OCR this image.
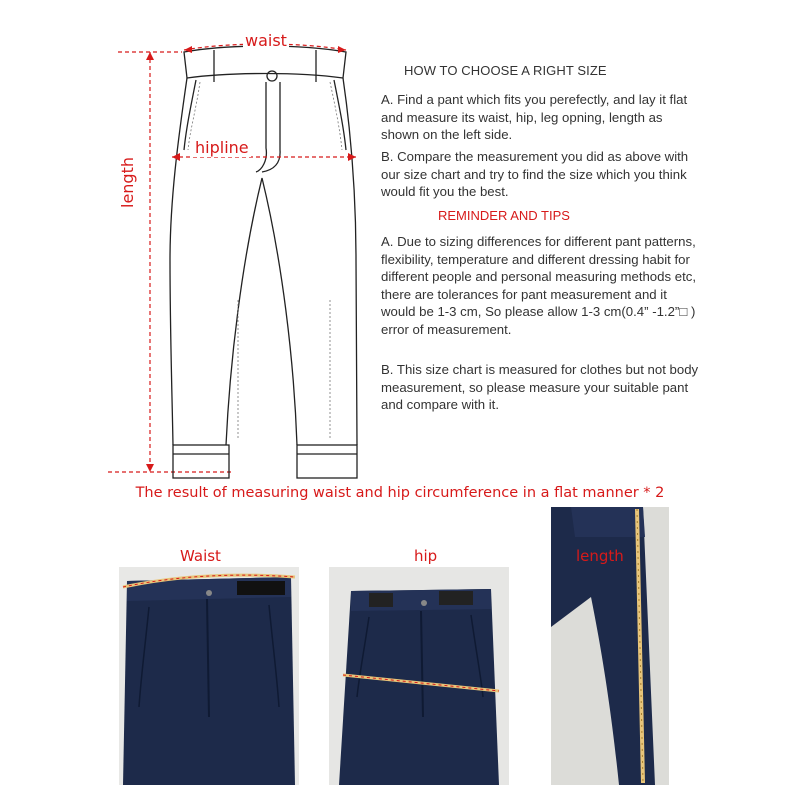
waist
hipline
length
HOW TO CHOOSE A RIGHT SIZE

A. Find a pant which fits you perefectly, and lay it flat and measure its waist, hip, leg opning, length as shown on the left side.

B. Compare the measurement you did as above with our size chart and try to find the size which you think would fit you the best.

REMINDER AND TIPS

A. Due to sizing differences for different pant patterns, flexibility, temperature and different dressing habit for different people and personal measuring methods etc, there are tolerances for pant measurement and it would be 1-3 cm, So please allow 1-3 cm(0.4” -1.2”□ ) error of measurement.

B. This size chart is measured for clothes but not body measurement, so please measure your suitable pant and compare with it.

The result of measuring waist and hip circumference in a flat manner * 2
Waist	hip	length
